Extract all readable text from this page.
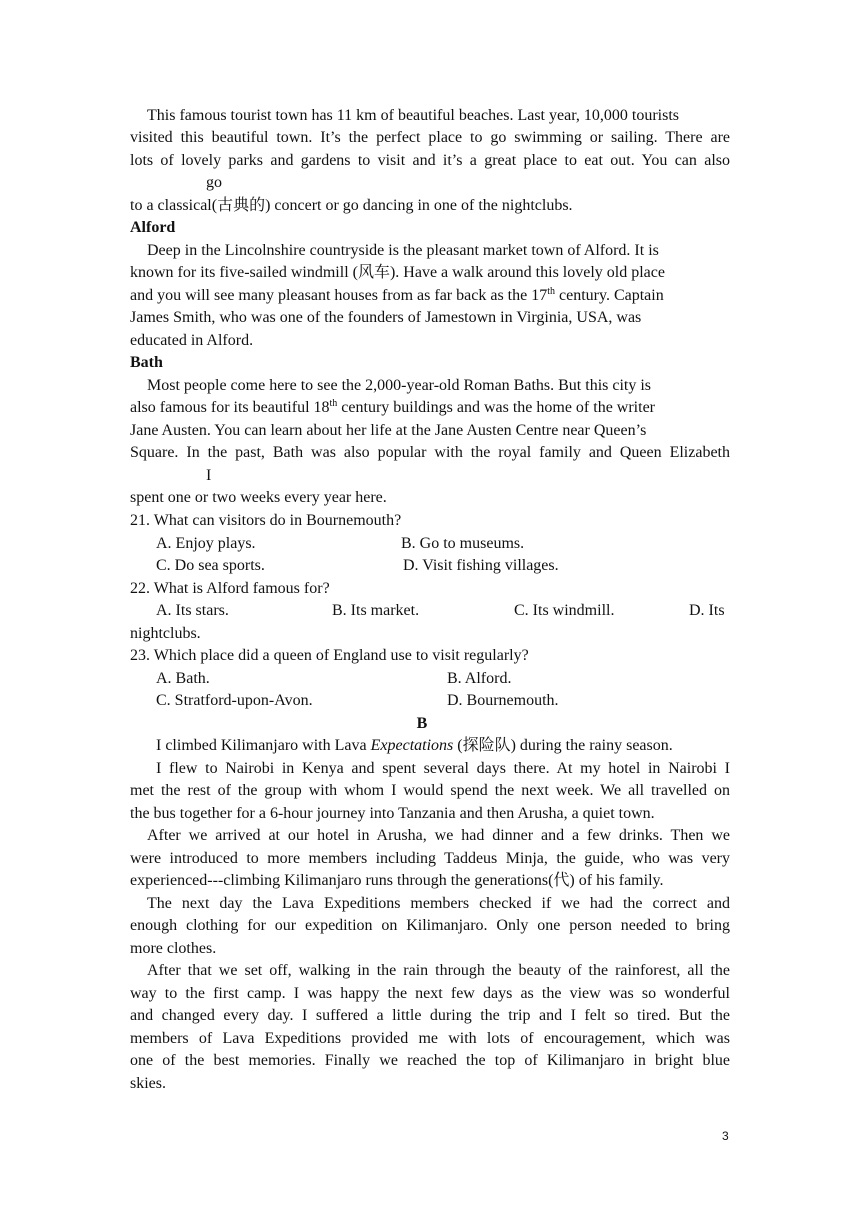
This famous tourist town has 11 km of beautiful beaches. Last year, 10,000 tourists
visited this beautiful town. It’s the perfect place to go swimming or sailing. There are
lots of lovely parks and gardens to visit and it’s a great place to eat out. You can also
go
to a classical(古典的) concert or go dancing in one of the nightclubs.
Alford
Deep in the Lincolnshire countryside is the pleasant market town of Alford. It is
known for its five-sailed windmill (风车). Have a walk around this lovely old place
and you will see many pleasant houses from as far back as the 17th century. Captain
James Smith, who was one of the founders of Jamestown in Virginia, USA, was
educated in Alford.
Bath
Most people come here to see the 2,000-year-old Roman Baths. But this city is
also famous for its beautiful 18th century buildings and was the home of the writer
Jane Austen. You can learn about her life at the Jane Austen Centre near Queen’s
Square. In the past, Bath was also popular with the royal family and Queen Elizabeth
I
spent one or two weeks every year here.
21. What can visitors do in Bournemouth?
A. Enjoy plays.	B. Go to museums.
C. Do sea sports.	D. Visit fishing villages.
22. What is Alford famous for?
A. Its stars.	B. Its market.	C. Its windmill.	D. Its
nightclubs.
23. Which place did a queen of England use to visit regularly?
A. Bath.	B. Alford.
C. Stratford-upon-Avon.	D. Bournemouth.
B
I climbed Kilimanjaro with Lava Expectations (探险队) during the rainy season.
I flew to Nairobi in Kenya and spent several days there. At my hotel in Nairobi I
met the rest of the group with whom I would spend the next week. We all travelled on
the bus together for a 6-hour journey into Tanzania and then Arusha, a quiet town.
After we arrived at our hotel in Arusha, we had dinner and a few drinks. Then we
were introduced to more members including Taddeus Minja, the guide, who was very
experienced---climbing Kilimanjaro runs through the generations(代) of his family.
The next day the Lava Expeditions members checked if we had the correct and
enough clothing for our expedition on Kilimanjaro. Only one person needed to bring
more clothes.
After that we set off, walking in the rain through the beauty of the rainforest, all the
way to the first camp. I was happy the next few days as the view was so wonderful
and changed every day. I suffered a little during the trip and I felt so tired. But the
members of Lava Expeditions provided me with lots of encouragement, which was
one of the best memories. Finally we reached the top of Kilimanjaro in bright blue
skies.
3
